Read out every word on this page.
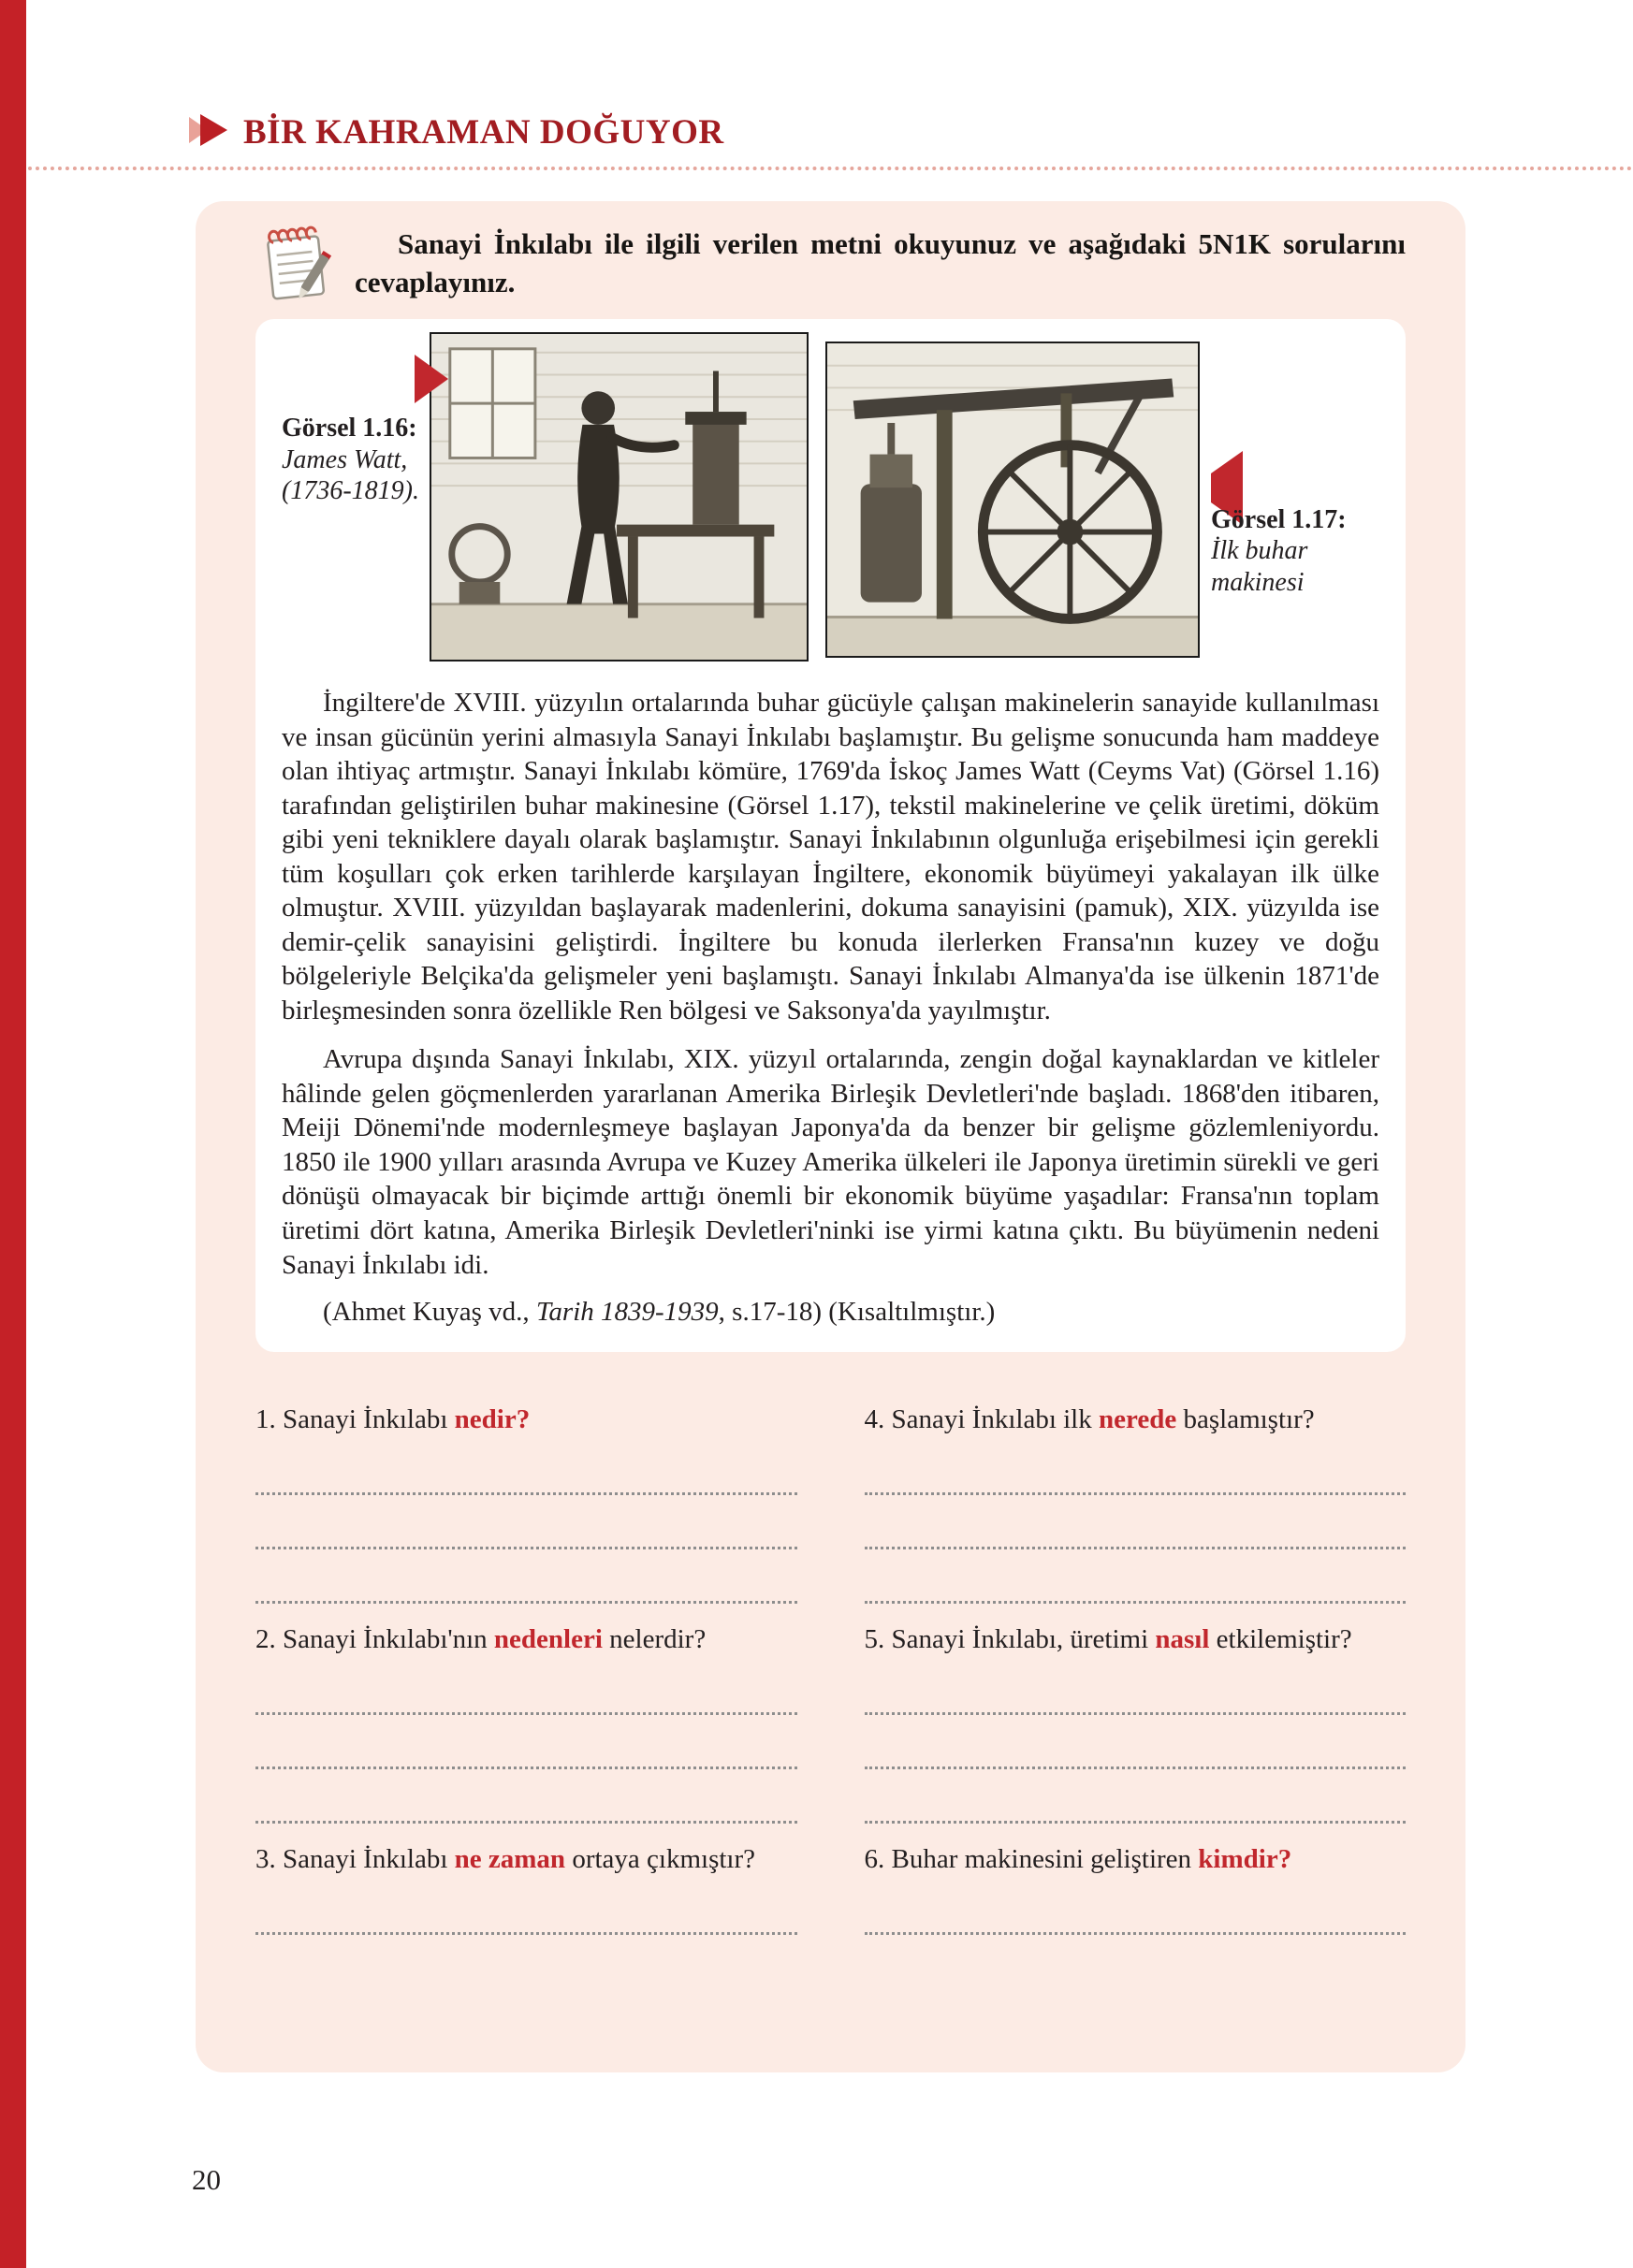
BİR KAHRAMAN DOĞUYOR
Sanayi İnkılabı ile ilgili verilen metni okuyunuz ve aşağıdaki 5N1K sorularını cevaplayınız.
Görsel 1.16:
James Watt,
(1736-1819).
Görsel 1.17:
İlk buhar
makinesi

İngiltere'de XVIII. yüzyılın ortalarında buhar gücüyle çalışan makinelerin sanayide kullanılması ve insan gücünün yerini almasıyla Sanayi İnkılabı başlamıştır. Bu gelişme sonucunda ham maddeye olan ihtiyaç artmıştır. Sanayi İnkılabı kömüre, 1769'da İskoç James Watt (Ceyms Vat) (Görsel 1.16) tarafından geliştirilen buhar makinesine (Görsel 1.17), tekstil makinelerine ve çelik üretimi, döküm gibi yeni tekniklere dayalı olarak başlamıştır. Sanayi İnkılabının olgunluğa erişebilmesi için gerekli tüm koşulları çok erken tarihlerde karşılayan İngiltere, ekonomik büyümeyi yakalayan ilk ülke olmuştur. XVIII. yüzyıldan başlayarak madenlerini, dokuma sanayisini (pamuk), XIX. yüzyılda ise demir-çelik sanayisini geliştirdi. İngiltere bu konuda ilerlerken Fransa'nın kuzey ve doğu bölgeleriyle Belçika'da gelişmeler yeni başlamıştı. Sanayi İnkılabı Almanya'da ise ülkenin 1871'de birleşmesinden sonra özellikle Ren bölgesi ve Saksonya'da yayılmıştır.

Avrupa dışında Sanayi İnkılabı, XIX. yüzyıl ortalarında, zengin doğal kaynaklardan ve kitleler hâlinde gelen göçmenlerden yararlanan Amerika Birleşik Devletleri'nde başladı. 1868'den itibaren, Meiji Dönemi'nde modernleşmeye başlayan Japonya'da da benzer bir gelişme gözlemleniyordu. 1850 ile 1900 yılları arasında Avrupa ve Kuzey Amerika ülkeleri ile Japonya üretimin sürekli ve geri dönüşü olmayacak bir biçimde arttığı önemli bir ekonomik büyüme yaşadılar: Fransa'nın toplam üretimi dört katına, Amerika Birleşik Devletleri'ninki ise yirmi katına çıktı. Bu büyümenin nedeni Sanayi İnkılabı idi.

(Ahmet Kuyaş vd., Tarih 1839-1939, s.17-18) (Kısaltılmıştır.)

1. Sanayi İnkılabı nedir?
2. Sanayi İnkılabı'nın nedenleri nelerdir?
3. Sanayi İnkılabı ne zaman ortaya çıkmıştır?
4. Sanayi İnkılabı ilk nerede başlamıştır?
5. Sanayi İnkılabı, üretimi nasıl etkilemiştir?
6. Buhar makinesini geliştiren kimdir?
20
